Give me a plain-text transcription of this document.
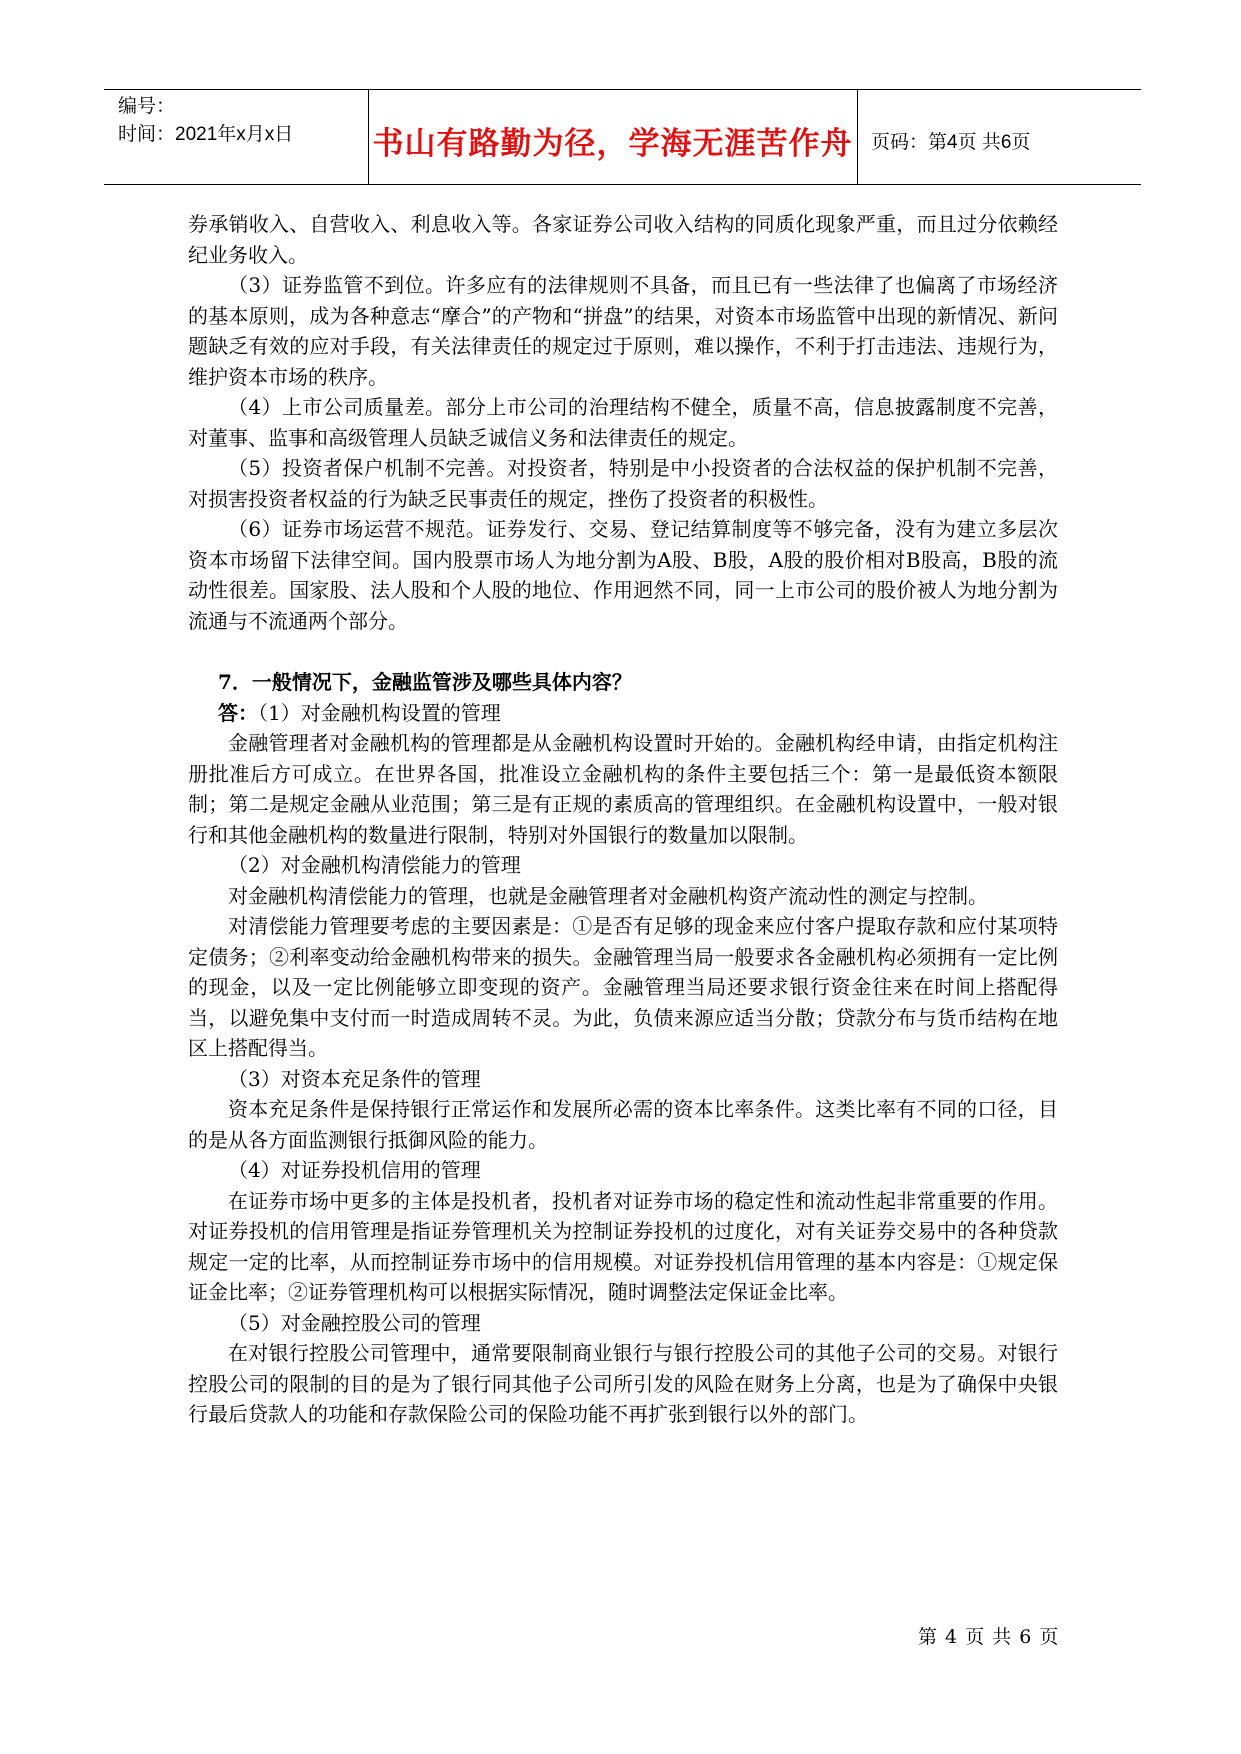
编号：
时间：2021年x月x日	书山有路勤为径，学海无涯苦作舟 页码：第4页 共6页

券承销收入、自营收入、利息收入等。各家证券公司收入结构的同质化现象严重，而且过分依赖经纪业务收入。

（3）证券监管不到位。许多应有的法律规则不具备，而且已有一些法律了也偏离了市场经济的基本原则，成为各种意志“摩合”的产物和“拼盘”的结果，对资本市场监管中出现的新情况、新问题缺乏有效的应对手段，有关法律责任的规定过于原则，难以操作，不利于打击违法、违规行为，维护资本市场的秩序。

（4）上市公司质量差。部分上市公司的治理结构不健全，质量不高，信息披露制度不完善，对董事、监事和高级管理人员缺乏诚信义务和法律责任的规定。

（5）投资者保户机制不完善。对投资者，特别是中小投资者的合法权益的保护机制不完善，对损害投资者权益的行为缺乏民事责任的规定，挫伤了投资者的积极性。

（6）证券市场运营不规范。证券发行、交易、登记结算制度等不够完备，没有为建立多层次资本市场留下法律空间。国内股票市场人为地分割为A股、B股，A股的股价相对B股高，B股的流动性很差。国家股、法人股和个人股的地位、作用迥然不同，同一上市公司的股价被人为地分割为流通与不流通两个部分。

7．一般情况下，金融监管涉及哪些具体内容？

答：（1）对金融机构设置的管理

金融管理者对金融机构的管理都是从金融机构设置时开始的。金融机构经申请，由指定机构注册批准后方可成立。在世界各国，批准设立金融机构的条件主要包括三个：第一是最低资本额限制；第二是规定金融从业范围；第三是有正规的素质高的管理组织。在金融机构设置中，一般对银行和其他金融机构的数量进行限制，特别对外国银行的数量加以限制。

（2）对金融机构清偿能力的管理

对金融机构清偿能力的管理，也就是金融管理者对金融机构资产流动性的测定与控制。

对清偿能力管理要考虑的主要因素是：①是否有足够的现金来应付客户提取存款和应付某项特定债务；②利率变动给金融机构带来的损失。金融管理当局一般要求各金融机构必须拥有一定比例的现金，以及一定比例能够立即变现的资产。金融管理当局还要求银行资金往来在时间上搭配得当，以避免集中支付而一时造成周转不灵。为此，负债来源应适当分散；贷款分布与货币结构在地区上搭配得当。

（3）对资本充足条件的管理

资本充足条件是保持银行正常运作和发展所必需的资本比率条件。这类比率有不同的口径，目的是从各方面监测银行抵御风险的能力。

（4）对证券投机信用的管理

在证券市场中更多的主体是投机者，投机者对证券市场的稳定性和流动性起非常重要的作用。对证券投机的信用管理是指证券管理机关为控制证券投机的过度化，对有关证券交易中的各种贷款规定一定的比率，从而控制证券市场中的信用规模。对证券投机信用管理的基本内容是：①规定保证金比率；②证券管理机构可以根据实际情况，随时调整法定保证金比率。

（5）对金融控股公司的管理

在对银行控股公司管理中，通常要限制商业银行与银行控股公司的其他子公司的交易。对银行控股公司的限制的目的是为了银行同其他子公司所引发的风险在财务上分离，也是为了确保中央银行最后贷款人的功能和存款保险公司的保险功能不再扩张到银行以外的部门。

第 4 页 共 6 页
